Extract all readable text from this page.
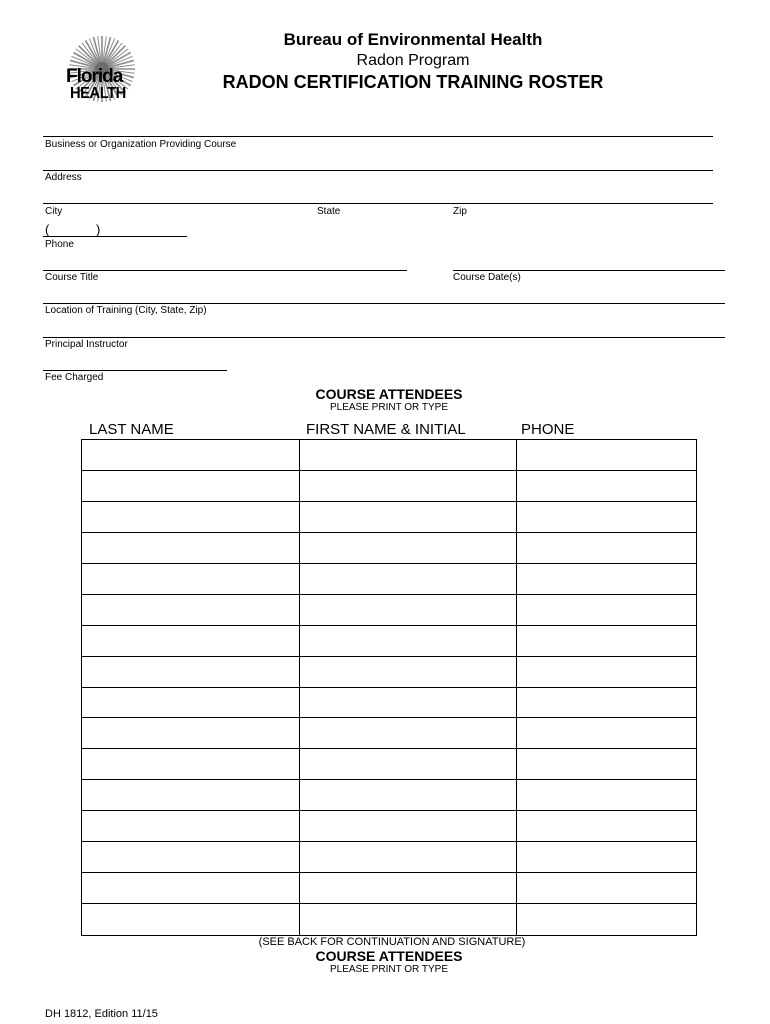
Florida
HEALTH
Bureau of Environmental Health
Radon Program
RADON CERTIFICATION TRAINING ROSTER
Business or Organization Providing Course
Address
City	State	Zip
(	)
Phone
Course Title	Course Date(s)
Location of Training (City, State, Zip)
Principal Instructor
Fee Charged
COURSE ATTENDEES
PLEASE PRINT OR TYPE
LAST NAME	FIRST NAME & INITIAL	PHONE
(SEE BACK FOR CONTINUATION AND SIGNATURE)
COURSE ATTENDEES
PLEASE PRINT OR TYPE
DH 1812, Edition 11/15
